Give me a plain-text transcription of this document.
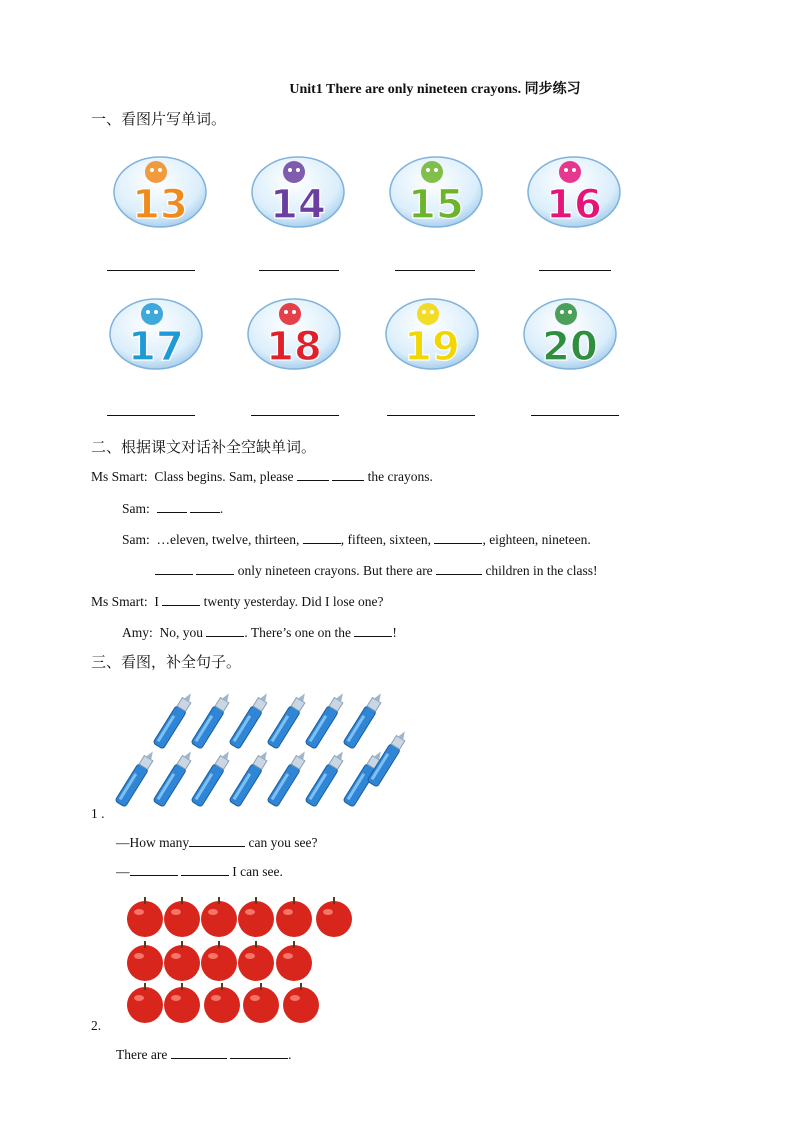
Unit1 There are only nineteen crayons. 同步练习
一、看图片写单词。
13 14 15 16
17 18 19 20
二、根据课文对话补全空缺单词。
Ms Smart: Class begins. Sam, please	the crayons.
Sam:	.
Sam: …eleven, twelve, thirteen,	, fifteen, sixteen,	, eighteen, nineteen.
only nineteen crayons. But there are	children in the class!
Ms Smart: I	twenty yesterday. Did I lose one?
Amy: No, you	. There’s one on the	!
三、看图，补全句子。
1 .
—How many	can you see?
—	I can see.
2.
There are	.
